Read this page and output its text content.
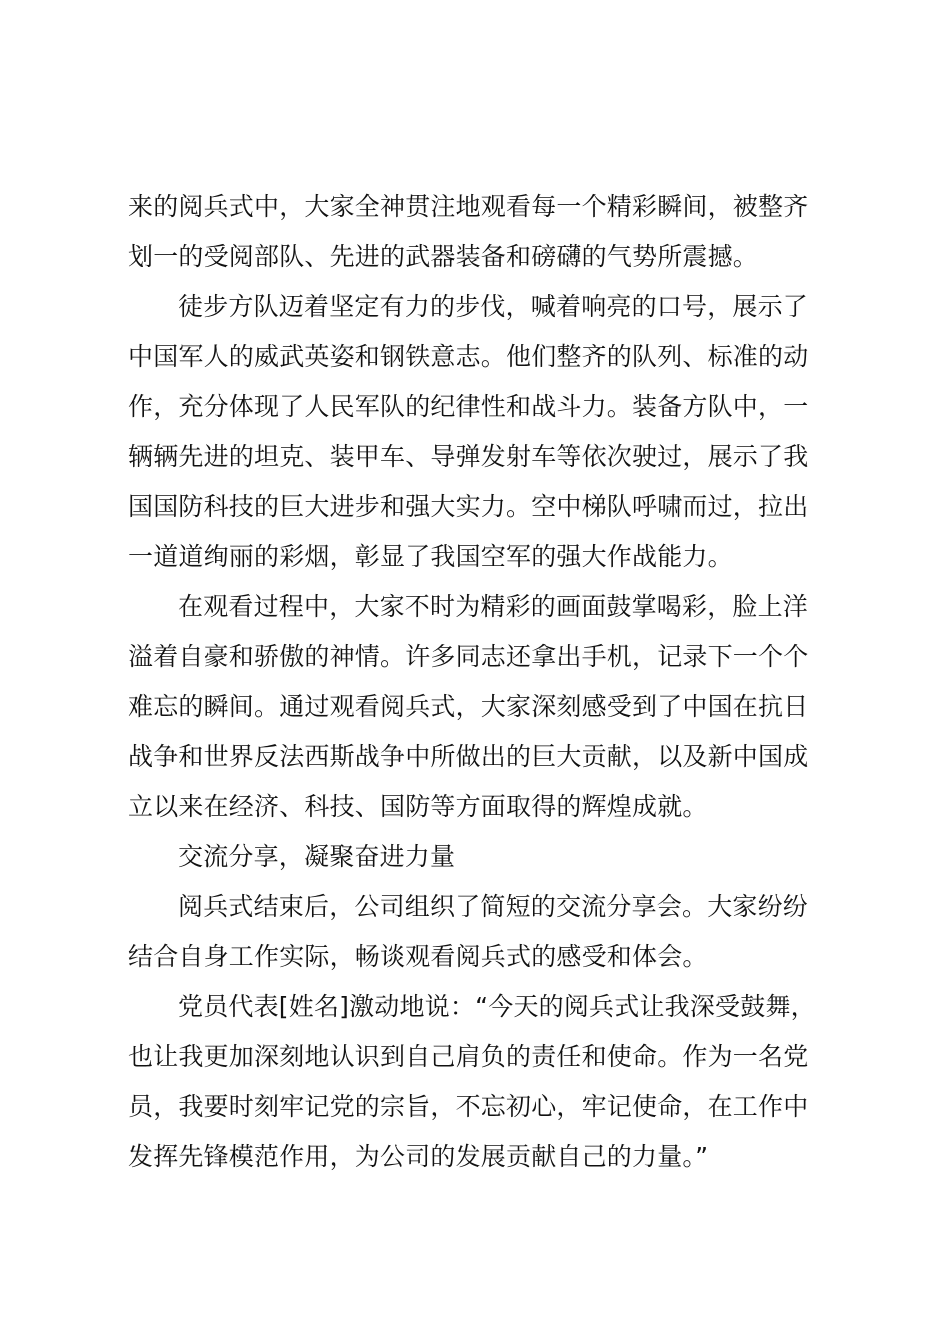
来的阅兵式中，大家全神贯注地观看每一个精彩瞬间，被整齐
划一的受阅部队、先进的武器装备和磅礴的气势所震撼。
徒步方队迈着坚定有力的步伐，喊着响亮的口号，展示了
中国军人的威武英姿和钢铁意志。他们整齐的队列、标准的动
作，充分体现了人民军队的纪律性和战斗力。装备方队中，一
辆辆先进的坦克、装甲车、导弹发射车等依次驶过，展示了我
国国防科技的巨大进步和强大实力。空中梯队呼啸而过，拉出
一道道绚丽的彩烟，彰显了我国空军的强大作战能力。
在观看过程中，大家不时为精彩的画面鼓掌喝彩，脸上洋
溢着自豪和骄傲的神情。许多同志还拿出手机，记录下一个个
难忘的瞬间。通过观看阅兵式，大家深刻感受到了中国在抗日
战争和世界反法西斯战争中所做出的巨大贡献，以及新中国成
立以来在经济、科技、国防等方面取得的辉煌成就。
交流分享，凝聚奋进力量
阅兵式结束后，公司组织了简短的交流分享会。大家纷纷
结合自身工作实际，畅谈观看阅兵式的感受和体会。
党员代表[姓名]激动地说：“今天的阅兵式让我深受鼓舞，
也让我更加深刻地认识到自己肩负的责任和使命。作为一名党
员，我要时刻牢记党的宗旨，不忘初心，牢记使命，在工作中
发挥先锋模范作用，为公司的发展贡献自己的力量。”
